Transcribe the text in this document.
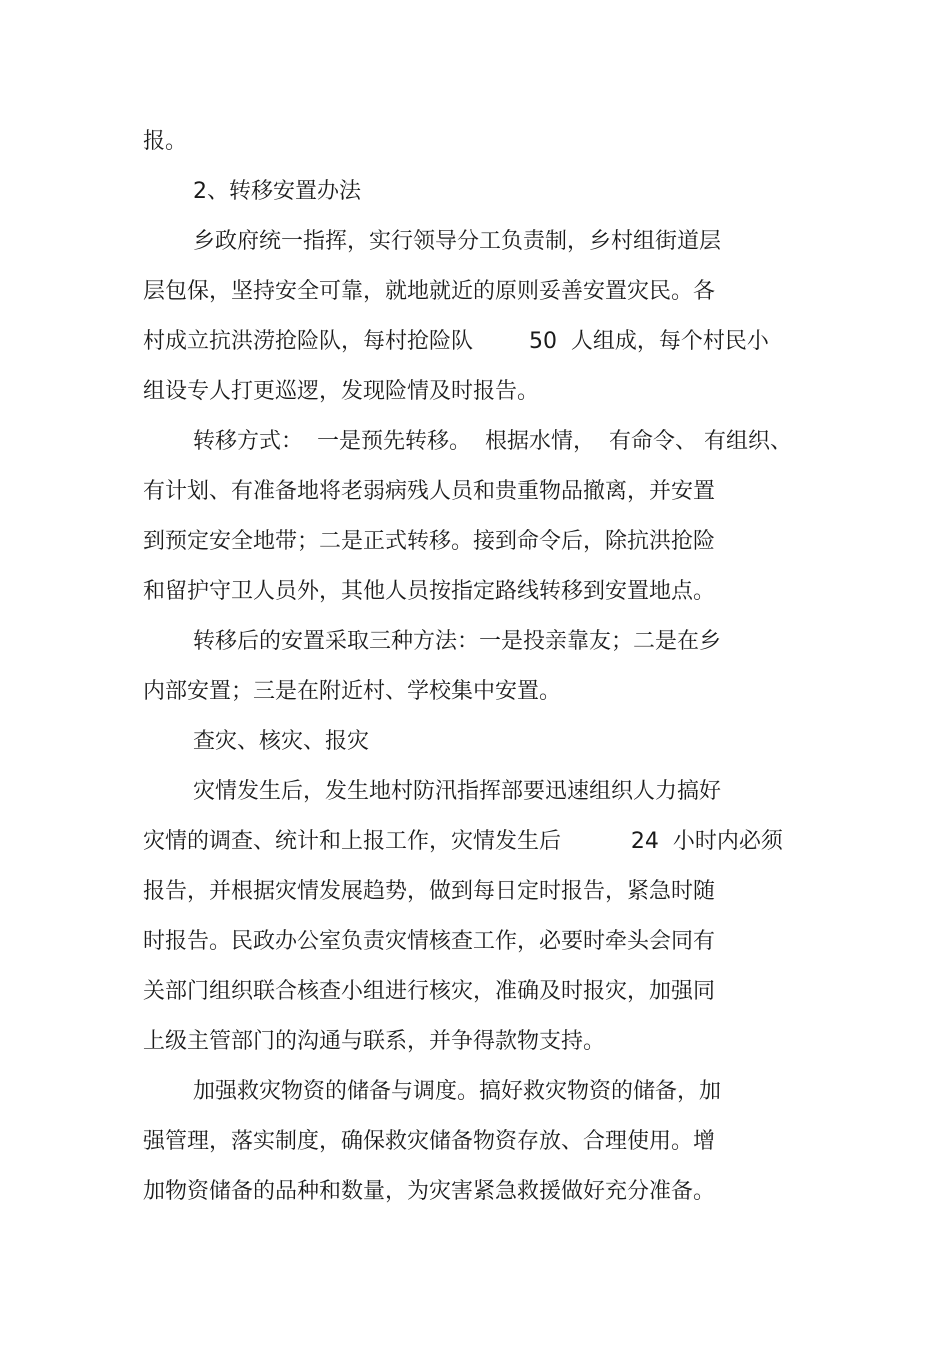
报。
2、转移安置办法
乡政府统一指挥，实行领导分工负责制，乡村组街道层
层包保，坚持安全可靠，就地就近的原则妥善安置灾民。各
村成立抗洪涝抢险队，每村抢险队        50  人组成，每个村民小
组设专人打更巡逻，发现险情及时报告。
转移方式：  一是预先转移。  根据水情，  有命令、 有组织、
有计划、有准备地将老弱病残人员和贵重物品撤离，并安置
到预定安全地带；二是正式转移。接到命令后，除抗洪抢险
和留护守卫人员外，其他人员按指定路线转移到安置地点。
转移后的安置采取三种方法：一是投亲靠友；二是在乡
内部安置；三是在附近村、学校集中安置。
查灾、核灾、报灾
灾情发生后，发生地村防汛指挥部要迅速组织人力搞好
灾情的调查、统计和上报工作，灾情发生后          24  小时内必须
报告，并根据灾情发展趋势，做到每日定时报告，紧急时随
时报告。民政办公室负责灾情核查工作，必要时牵头会同有
关部门组织联合核查小组进行核灾，准确及时报灾，加强同
上级主管部门的沟通与联系，并争得款物支持。
加强救灾物资的储备与调度。搞好救灾物资的储备，加
强管理，落实制度，确保救灾储备物资存放、合理使用。增
加物资储备的品种和数量，为灾害紧急救援做好充分准备。
